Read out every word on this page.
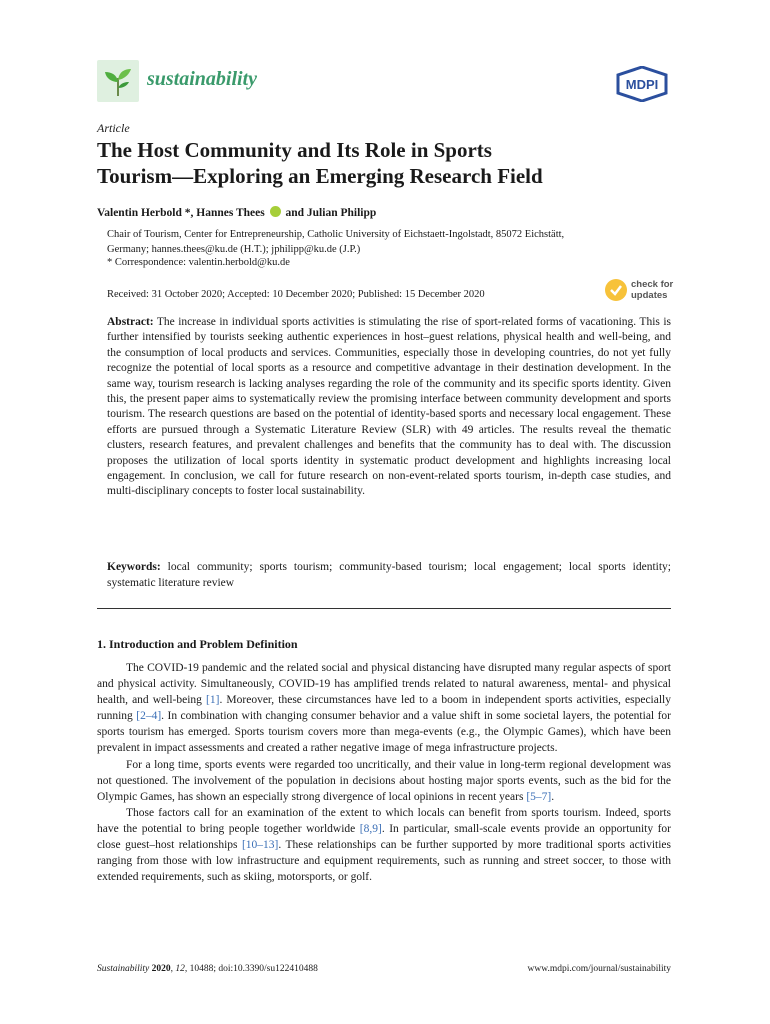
sustainability	MDPI
Article
The Host Community and Its Role in Sports
Tourism—Exploring an Emerging Research Field
Valentin Herbold *, Hannes Thees and Julian Philipp
Chair of Tourism, Center for Entrepreneurship, Catholic University of Eichstaett-Ingolstadt, 85072 Eichstätt,
Germany; hannes.thees@ku.de (H.T.); jphilipp@ku.de (J.P.)
* Correspondence: valentin.herbold@ku.de
Received: 31 October 2020; Accepted: 10 December 2020; Published: 15 December 2020
check for
updates
Abstract: The increase in individual sports activities is stimulating the rise of sport-related forms of vacationing. This is further intensified by tourists seeking authentic experiences in host–guest relations, physical health and well-being, and the consumption of local products and services. Communities, especially those in developing countries, do not yet fully recognize the potential of local sports as a resource and competitive advantage in their destination development. In the same way, tourism research is lacking analyses regarding the role of the community and its specific sports identity. Given this, the present paper aims to systematically review the promising interface between community development and sports tourism. The research questions are based on the potential of identity-based sports and necessary local engagement. These efforts are pursued through a Systematic Literature Review (SLR) with 49 articles. The results reveal the thematic clusters, research features, and prevalent challenges and benefits that the community has to deal with. The discussion proposes the utilization of local sports identity in systematic product development and highlights increasing local engagement. In conclusion, we call for future research on non-event-related sports tourism, in-depth case studies, and multi-disciplinary concepts to foster local sustainability.
Keywords: local community; sports tourism; community-based tourism; local engagement; local sports identity; systematic literature review
1. Introduction and Problem Definition

The COVID-19 pandemic and the related social and physical distancing have disrupted many regular aspects of sport and physical activity. Simultaneously, COVID-19 has amplified trends related to natural awareness, mental- and physical health, and well-being [1]. Moreover, these circumstances have led to a boom in independent sports activities, especially running [2–4]. In combination with changing consumer behavior and a value shift in some societal layers, the potential for sports tourism has emerged. Sports tourism covers more than mega-events (e.g., the Olympic Games), which have been prevalent in impact assessments and created a rather negative image of mega infrastructure projects.

For a long time, sports events were regarded too uncritically, and their value in long-term regional development was not questioned. The involvement of the population in decisions about hosting major sports events, such as the bid for the Olympic Games, has shown an especially strong divergence of local opinions in recent years [5–7].

Those factors call for an examination of the extent to which locals can benefit from sports tourism. Indeed, sports have the potential to bring people together worldwide [8,9]. In particular, small-scale events provide an opportunity for close guest–host relationships [10–13]. These relationships can be further supported by more traditional sports activities ranging from those with low infrastructure and equipment requirements, such as running and street soccer, to those with extended requirements, such as skiing, motorsports, or golf.

Sustainability 2020, 12, 10488; doi:10.3390/su122410488	www.mdpi.com/journal/sustainability
